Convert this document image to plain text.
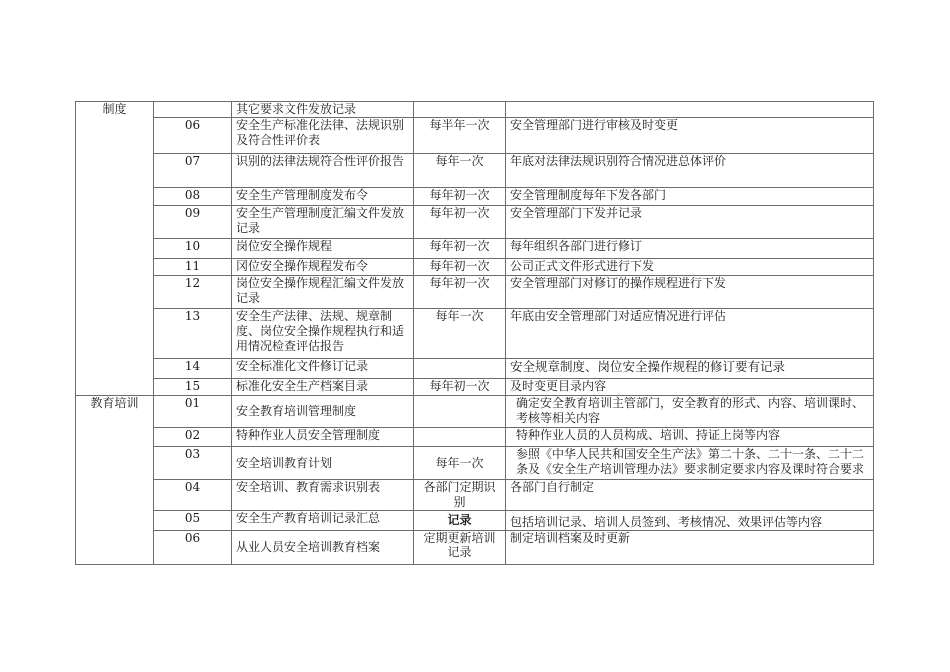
制度		其它要求文件发放记录		
	06	安全生产标准化法律、法规识别及符合性评价表	每半年一次	安全管理部门进行审核及时变更
	07	识别的法律法规符合性评价报告	每年一次	年底对法律法规识别符合情况进总体评价
	08	安全生产管理制度发布令	每年初一次	安全管理制度每年下发各部门
	09	安全生产管理制度汇编文件发放记录	每年初一次	安全管理部门下发并记录
	10	岗位安全操作规程	每年初一次	每年组织各部门进行修订
	11	冈位安全操作规程发布令	每年初一次	公司正式文件形式进行下发
	12	岗位安全操作规程汇编文件发放记录	每年初一次	安全管理部门对修订的操作规程进行下发
	13	安全生产法律、法规、规章制度、岗位安全操作规程执行和适用情况检查评估报告	每年一次	年底由安全管理部门对适应情况进行评估
	14	安全标准化文件修订记录		安全规章制度、岗位安全操作规程的修订要有记录
	15	标准化安全生产档案目录	每年初一次	及时变更目录内容
教育培训	01	安全教育培训管理制度		确定安全教育培训主管部门，安全教育的形式、内容、培训课时、考核等相关内容
	02	特种作业人员安全管理制度		特种作业人员的人员构成、培训、持证上岗等内容
	03	安全培训教育计划	每年一次	参照《中华人民共和国安全生产法》第二十条、二十一条、二十二条及《安全生产培训管理办法》要求制定要求内容及课时符合要求
	04	安全培训、教育需求识别表	各部门定期识别	各部门自行制定
	05	安全生产教育培训记录汇总	记录	包括培训记录、培训人员签到、考核情况、效果评估等内容
	06	从业人员安全培训教育档案	定期更新培训记录	制定培训档案及时更新
